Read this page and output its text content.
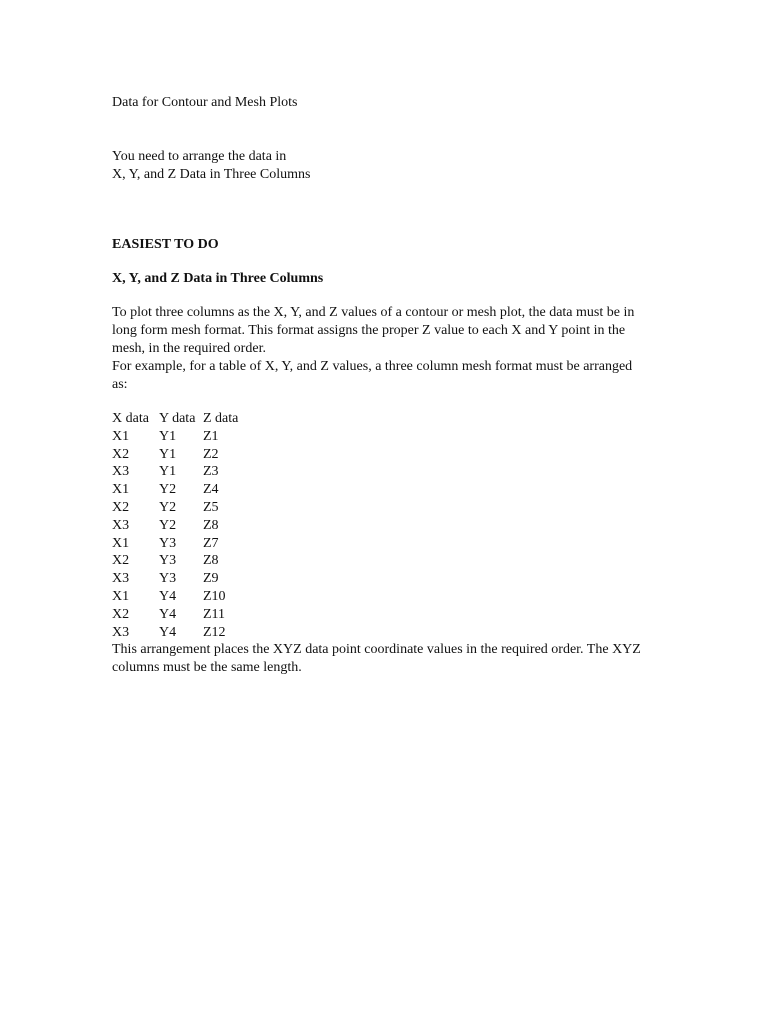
Data for Contour and Mesh Plots
You need to arrange the data in
X, Y, and Z Data in Three Columns
EASIEST TO DO
X, Y, and Z Data in Three Columns

To plot three columns as the X, Y, and Z values of a contour or mesh plot, the data must be in long form mesh format. This format assigns the proper Z value to each X and Y point in the mesh, in the required order.

For example, for a table of X, Y, and Z values, a three column mesh format must be arranged as:

X data	Y data	Z data
X1	Y1	Z1
X2	Y1	Z2
X3	Y1	Z3
X1	Y2	Z4
X2	Y2	Z5
X3	Y2	Z8
X1	Y3	Z7
X2	Y3	Z8
X3	Y3	Z9
X1	Y4	Z10
X2	Y4	Z11
X3	Y4	Z12

This arrangement places the XYZ data point coordinate values in the required order. The XYZ columns must be the same length.
